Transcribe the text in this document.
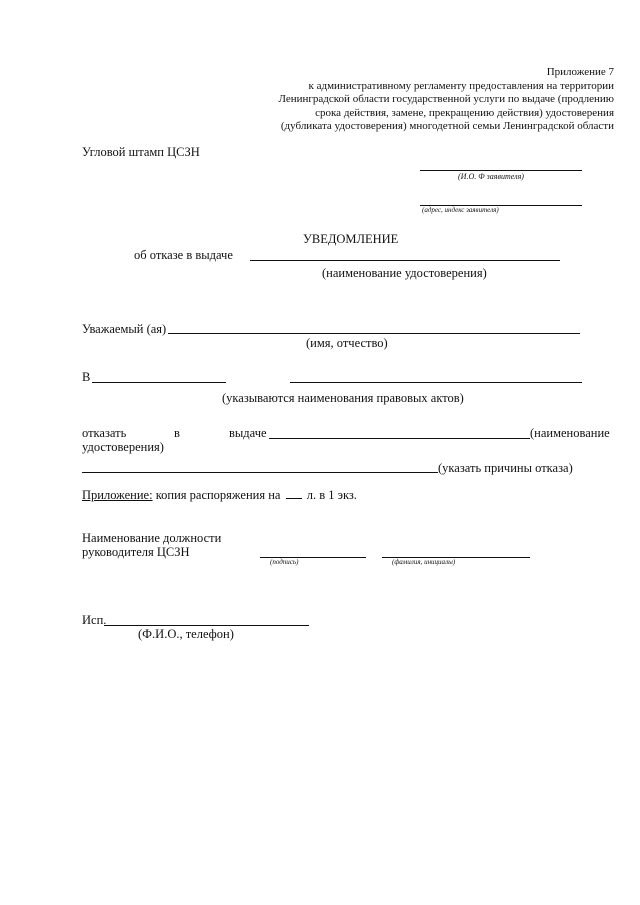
Приложение 7
к административному регламенту предоставления на территории
Ленинградской области государственной услуги по выдаче (продлению
срока действия, замене, прекращению действия) удостоверения
(дубликата удостоверения) многодетной семьи Ленинградской области
Угловой штамп ЦСЗН
(И.О. Ф заявителя)
(адрес, индекс заявителя)
УВЕДОМЛЕНИЕ
об отказе в выдаче
(наименование удостоверения)
Уважаемый (ая)
(имя, отчество)
В
(указываются наименования правовых актов)
отказать	в	выдаче	(наименование
удостоверения)
(указать причины отказа)
Приложение: копия распоряжения на л. в 1 экз.
Наименование должности
руководителя ЦСЗН
(подпись)	(фамилия, инициалы)
Исп.
(Ф.И.О., телефон)
